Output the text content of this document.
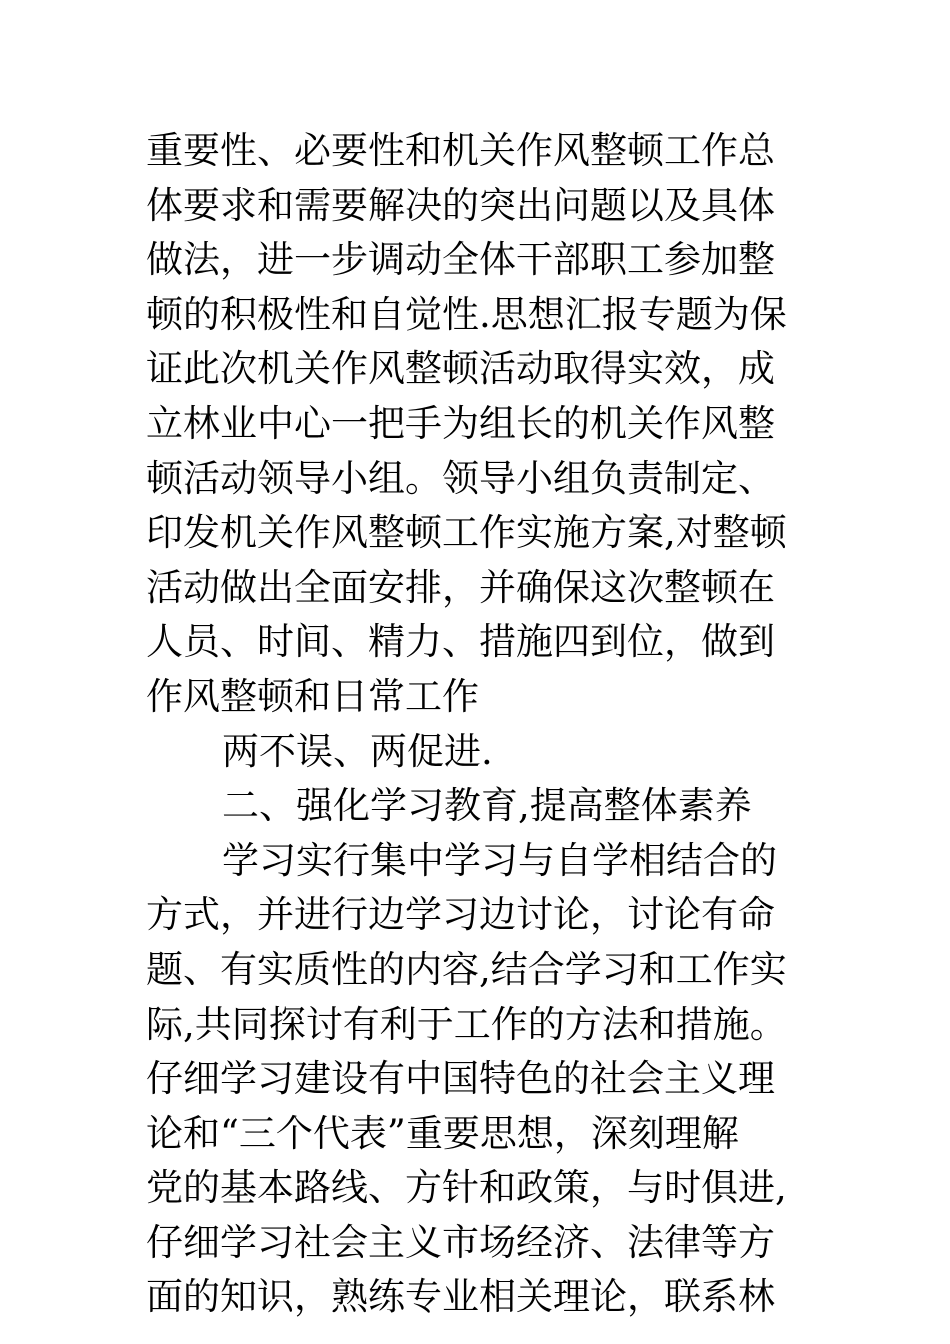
重要性、必要性和机关作风整顿工作总
体要求和需要解决的突出问题以及具体
做法，进一步调动全体干部职工参加整
顿的积极性和自觉性.思想汇报专题为保
证此次机关作风整顿活动取得实效，成
立林业中心一把手为组长的机关作风整
顿活动领导小组。领导小组负责制定、
印发机关作风整顿工作实施方案,对整顿
活动做出全面安排，并确保这次整顿在
人员、时间、精力、措施四到位，做到
作风整顿和日常工作
两不误、两促进.
二、强化学习教育,提高整体素养
学习实行集中学习与自学相结合的
方式，并进行边学习边讨论，讨论有命
题、有实质性的内容,结合学习和工作实
际,共同探讨有利于工作的方法和措施。
仔细学习建设有中国特色的社会主义理
论和“三个代表”重要思想，深刻理解
党的基本路线、方针和政策，与时俱进,
仔细学习社会主义市场经济、法律等方
面的知识，熟练专业相关理论，联系林
